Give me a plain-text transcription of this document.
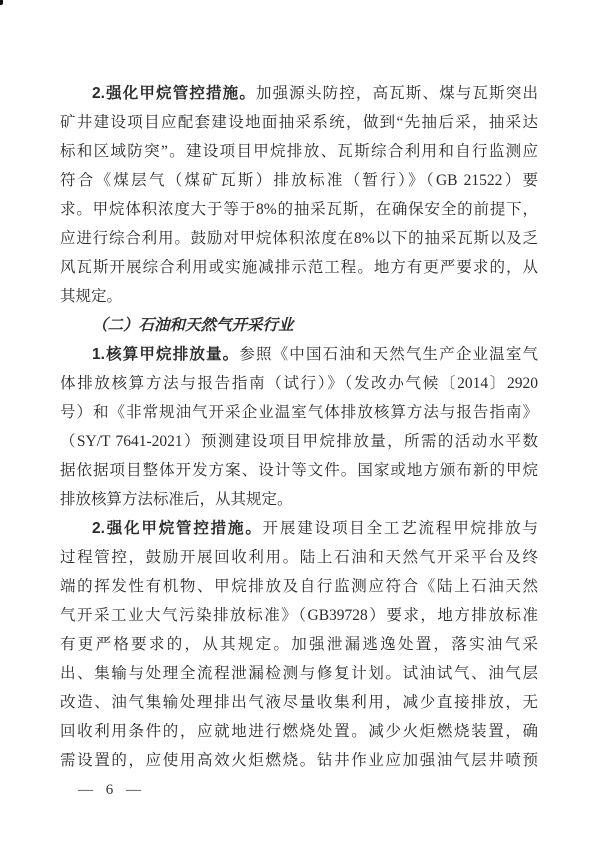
2.强化甲烷管控措施。加强源头防控，高瓦斯、煤与瓦斯突出
矿井建设项目应配套建设地面抽采系统，做到“先抽后采，抽采达
标和区域防突”。建设项目甲烷排放、瓦斯综合利用和自行监测应
符合《煤层气（煤矿瓦斯）排放标准（暂行）》（GB 21522）要
求。甲烷体积浓度大于等于8%的抽采瓦斯，在确保安全的前提下，
应进行综合利用。鼓励对甲烷体积浓度在8%以下的抽采瓦斯以及乏
风瓦斯开展综合利用或实施减排示范工程。地方有更严要求的，从
其规定。
（二）石油和天然气开采行业
1.核算甲烷排放量。参照《中国石油和天然气生产企业温室气
体排放核算方法与报告指南（试行）》（发改办气候〔2014〕2920
号）和《非常规油气开采企业温室气体排放核算方法与报告指南》
（SY/T 7641-2021）预测建设项目甲烷排放量，所需的活动水平数
据依据项目整体开发方案、设计等文件。国家或地方颁布新的甲烷
排放核算方法标准后，从其规定。
2.强化甲烷管控措施。开展建设项目全工艺流程甲烷排放与
过程管控，鼓励开展回收利用。陆上石油和天然气开采平台及终
端的挥发性有机物、甲烷排放及自行监测应符合《陆上石油天然
气开采工业大气污染排放标准》（GB39728）要求，地方排放标准
有更严格要求的，从其规定。加强泄漏逃逸处置，落实油气采
出、集输与处理全流程泄漏检测与修复计划。试油试气、油气层
改造、油气集输处理排出气液尽量收集利用，减少直接排放，无
回收利用条件的，应就地进行燃烧处置。减少火炬燃烧装置，确
需设置的，应使用高效火炬燃烧。钻井作业应加强油气层井喷预
— 6 —
